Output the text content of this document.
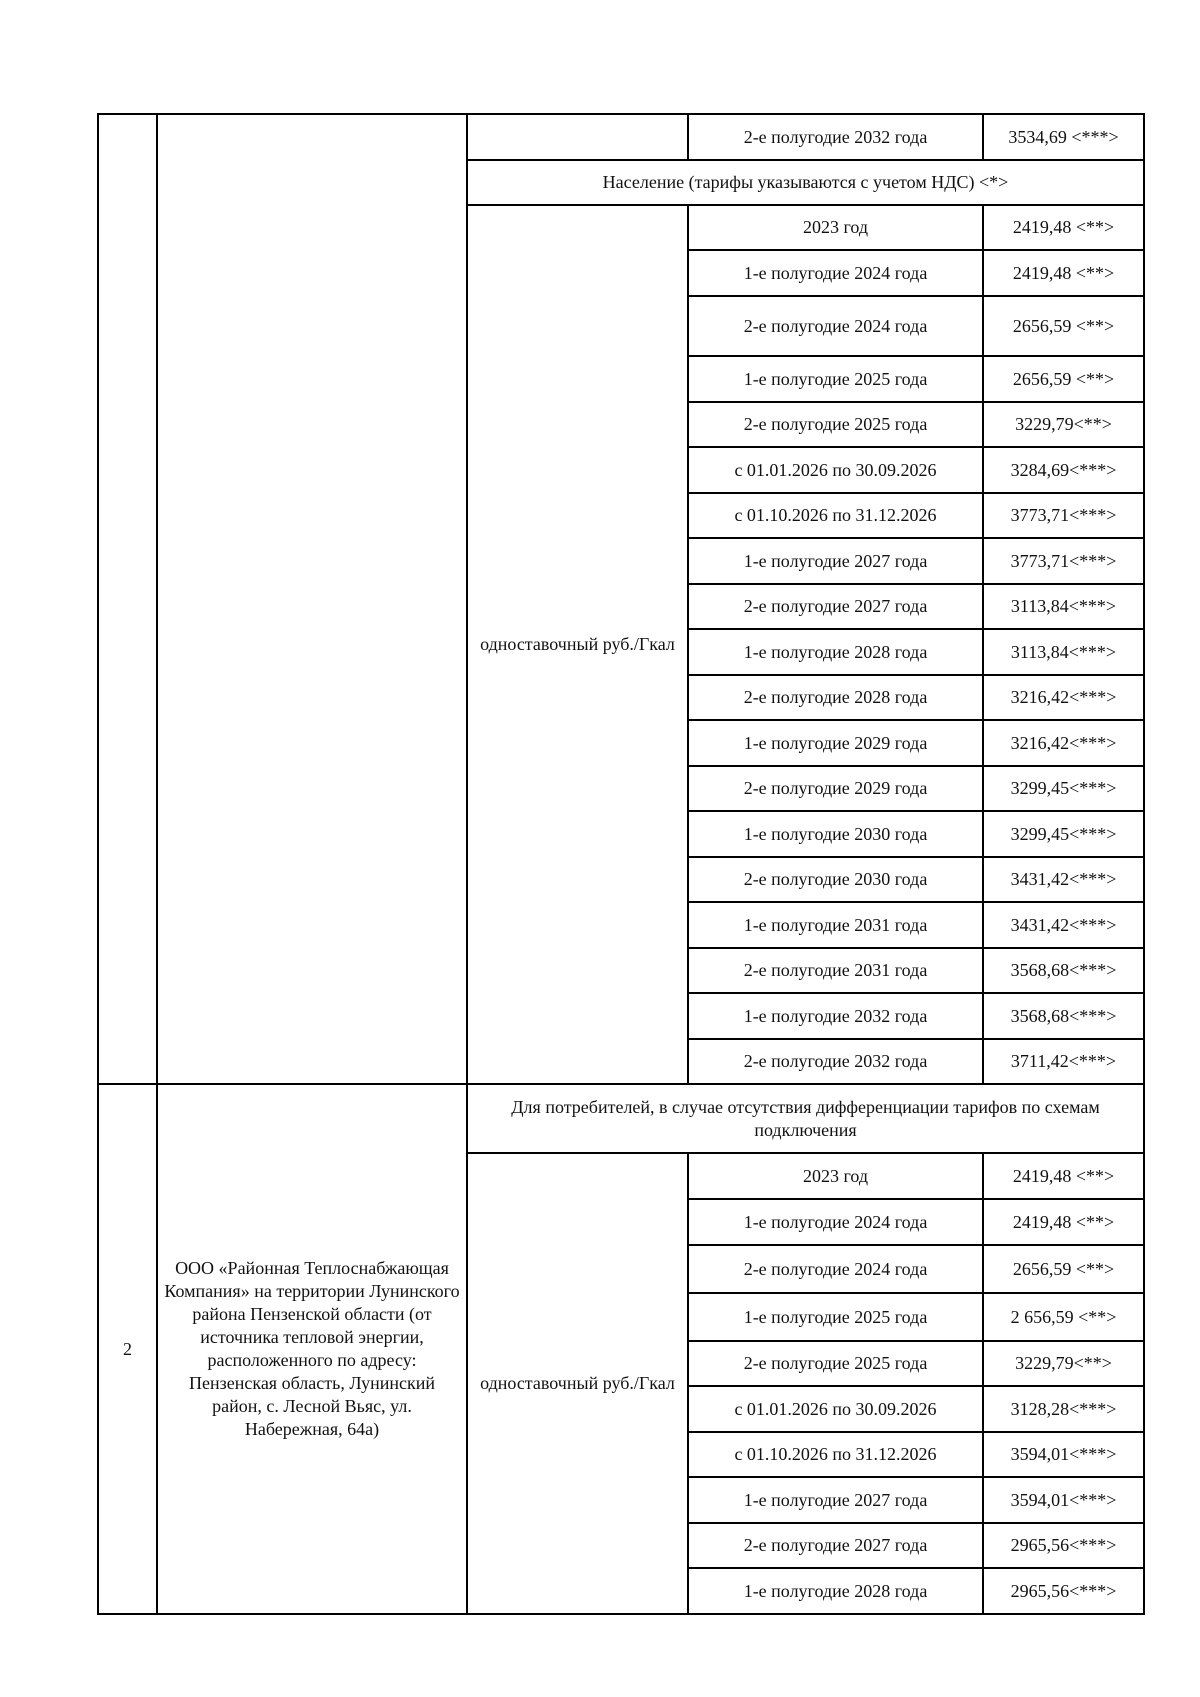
			2-е полугодие 2032 года	3534,69 <***>
		Население (тарифы указываются с учетом НДС) <*>		
		одноставочный руб./Гкал	2023 год	2419,48 <**>
			1-е полугодие 2024 года	2419,48 <**>
			2-е полугодие 2024 года	2656,59 <**>
			1-е полугодие 2025 года	2656,59 <**>
			2-е полугодие 2025 года	3229,79<**>
			с 01.01.2026 по 30.09.2026	3284,69<***>
			с 01.10.2026 по 31.12.2026	3773,71<***>
			1-е полугодие 2027 года	3773,71<***>
			2-е полугодие 2027 года	3113,84<***>
			1-е полугодие 2028 года	3113,84<***>
			2-е полугодие 2028 года	3216,42<***>
			1-е полугодие 2029 года	3216,42<***>
			2-е полугодие 2029 года	3299,45<***>
			1-е полугодие 2030 года	3299,45<***>
			2-е полугодие 2030 года	3431,42<***>
			1-е полугодие 2031 года	3431,42<***>
			2-е полугодие 2031 года	3568,68<***>
			1-е полугодие 2032 года	3568,68<***>
			2-е полугодие 2032 года	3711,42<***>
2	ООО «Районная Теплоснабжающая Компания» на территории Лунинского района Пензенской области (от источника тепловой энергии, расположенного по адресу: Пензенская область, Лунинский район, с. Лесной Вьяс, ул. Набережная, 64а)	Для потребителей, в случае отсутствия дифференциации тарифов по схемам подключения		
		одноставочный руб./Гкал	2023 год	2419,48 <**>
			1-е полугодие 2024 года	2419,48 <**>
			2-е полугодие 2024 года	2656,59 <**>
			1-е полугодие 2025 года	2 656,59 <**>
			2-е полугодие 2025 года	3229,79<**>
			с 01.01.2026 по 30.09.2026	3128,28<***>
			с 01.10.2026 по 31.12.2026	3594,01<***>
			1-е полугодие 2027 года	3594,01<***>
			2-е полугодие 2027 года	2965,56<***>
			1-е полугодие 2028 года	2965,56<***>
